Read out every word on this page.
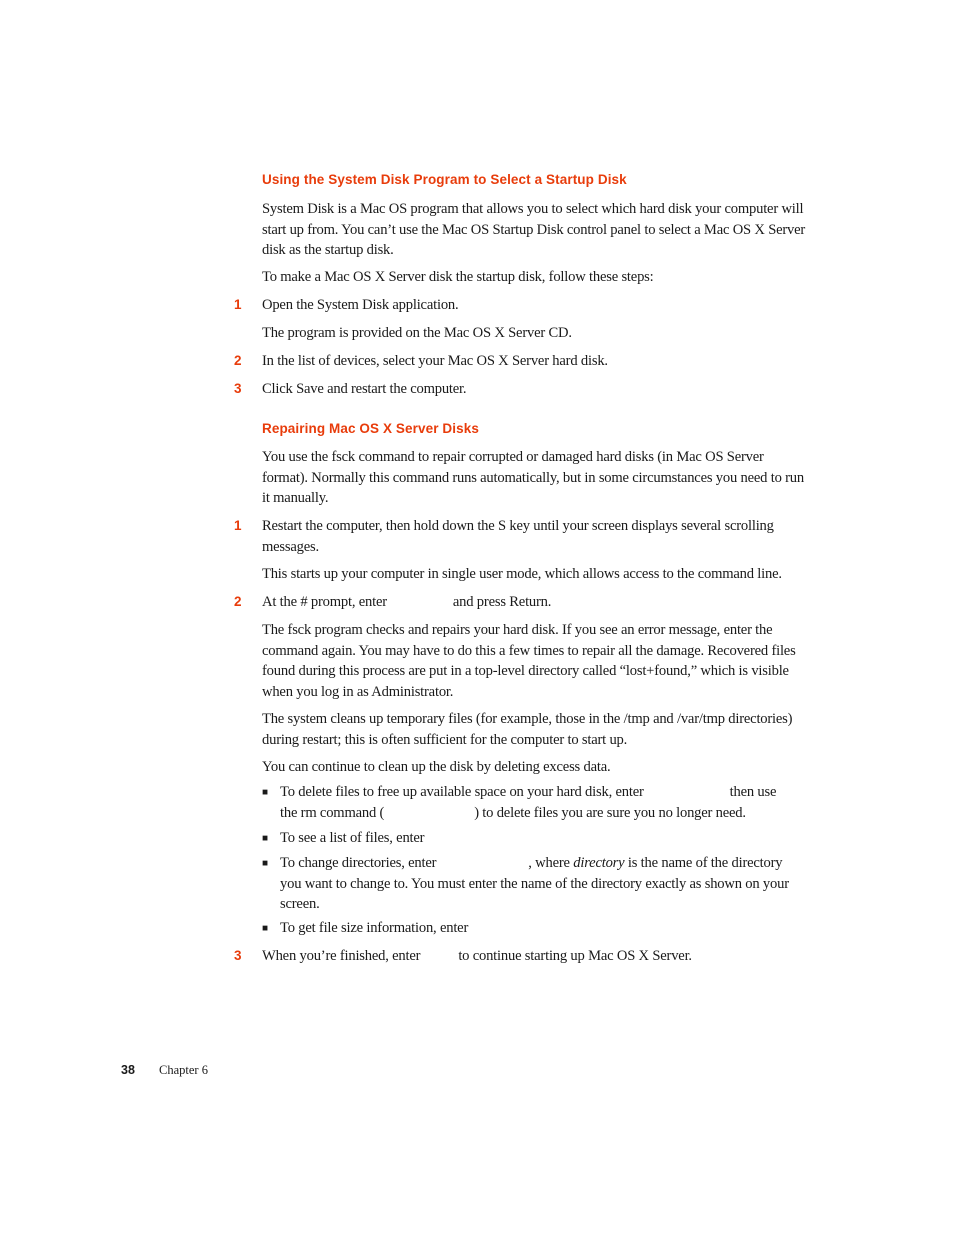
Using the System Disk Program to Select a Startup Disk
System Disk is a Mac OS program that allows you to select which hard disk your computer will start up from. You can’t use the Mac OS Startup Disk control panel to select a Mac OS X Server disk as the startup disk.
To make a Mac OS X Server disk the startup disk, follow these steps:
1 Open the System Disk application.
The program is provided on the Mac OS X Server CD.
2 In the list of devices, select your Mac OS X Server hard disk.
3 Click Save and restart the computer.
Repairing Mac OS X Server Disks
You use the fsck command to repair corrupted or damaged hard disks (in Mac OS Server format). Normally this command runs automatically, but in some circumstances you need to run it manually.
1 Restart the computer, then hold down the S key until your screen displays several scrolling messages.
This starts up your computer in single user mode, which allows access to the command line.
2 At the # prompt, enter	and press Return.
The fsck program checks and repairs your hard disk. If you see an error message, enter the command again. You may have to do this a few times to repair all the damage. Recovered files found during this process are put in a top-level directory called “lost+found,” which is visible when you log in as Administrator.
The system cleans up temporary files (for example, those in the /tmp and /var/tmp directories) during restart; this is often sufficient for the computer to start up.
You can continue to clean up the disk by deleting excess data.
■ To delete files to free up available space on your hard disk, enter	then use
the rm command (	) to delete files you are sure you no longer need.
■ To see a list of files, enter
■ To change directories, enter	, where directory is the name of the directory you want to change to. You must enter the name of the directory exactly as shown on your screen.
■ To get file size information, enter
3 When you’re finished, enter	to continue starting up Mac OS X Server.
38 Chapter 6
